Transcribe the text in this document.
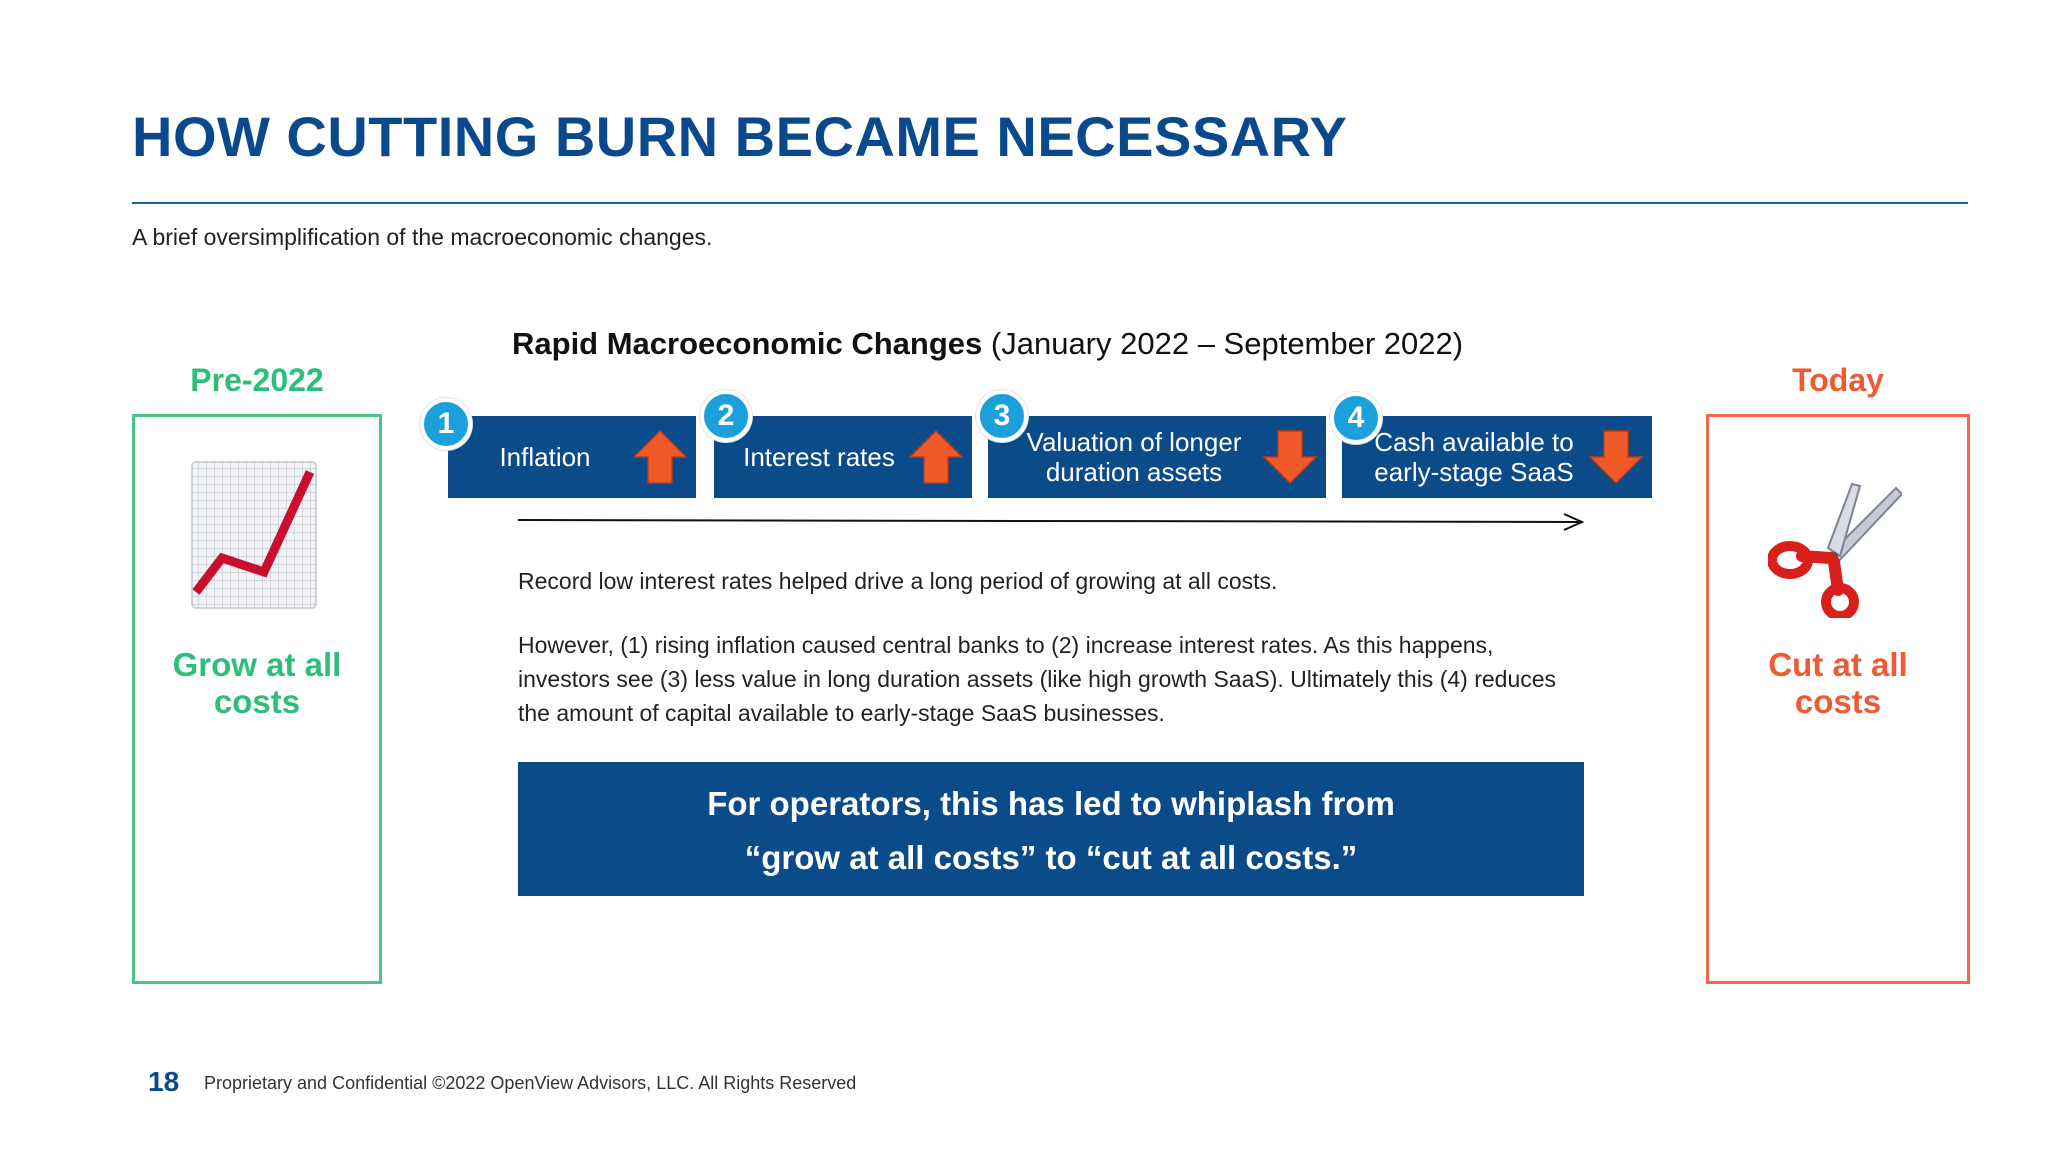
HOW CUTTING BURN BECAME NECESSARY
A brief oversimplification of the macroeconomic changes.
Pre-2022
Grow at all
costs
Today
Cut at all
costs
Rapid Macroeconomic Changes (January 2022 – September 2022)
Inflation
1
Interest rates
2
Valuation of longer
duration assets
3
Cash available to
early-stage SaaS
4
Record low interest rates helped drive a long period of growing at all costs.
However, (1) rising inflation caused central banks to (2) increase interest rates. As this happens, investors see (3) less value in long duration assets (like high growth SaaS). Ultimately this (4) reduces the amount of capital available to early-stage SaaS businesses.
For operators, this has led to whiplash from
“grow at all costs” to “cut at all costs.”
18 Proprietary and Confidential ©2022 OpenView Advisors, LLC. All Rights Reserved
